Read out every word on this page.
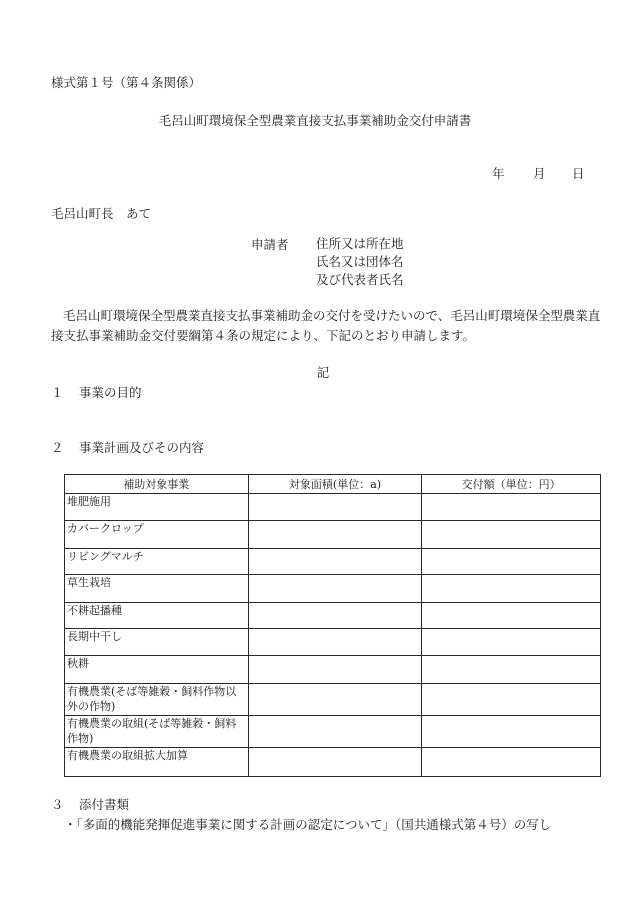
様式第１号（第４条関係）
毛呂山町環境保全型農業直接支払事業補助金交付申請書
年 月 日
毛呂山町長　あて
申請者 住所又は所在地
氏名又は団体名
及び代表者氏名
毛呂山町環境保全型農業直接支払事業補助金の交付を受けたいので、毛呂山町環境保全型農業直接支払事業補助金交付要綱第４条の規定により、下記のとおり申請します。
記
１ 事業の目的
２ 事業計画及びその内容
補助対象事業	対象面積(単位：a)	交付額（単位：円）
堆肥施用		
カバークロップ		
リビングマルチ		
草生栽培		
不耕起播種		
長期中干し		
秋耕		
有機農業(そば等雑穀・飼料作物以外の作物)		
有機農業の取組(そば等雑穀・飼料作物)		
有機農業の取組拡大加算		
３ 添付書類
・「多面的機能発揮促進事業に関する計画の認定について」（国共通様式第４号）の写し
